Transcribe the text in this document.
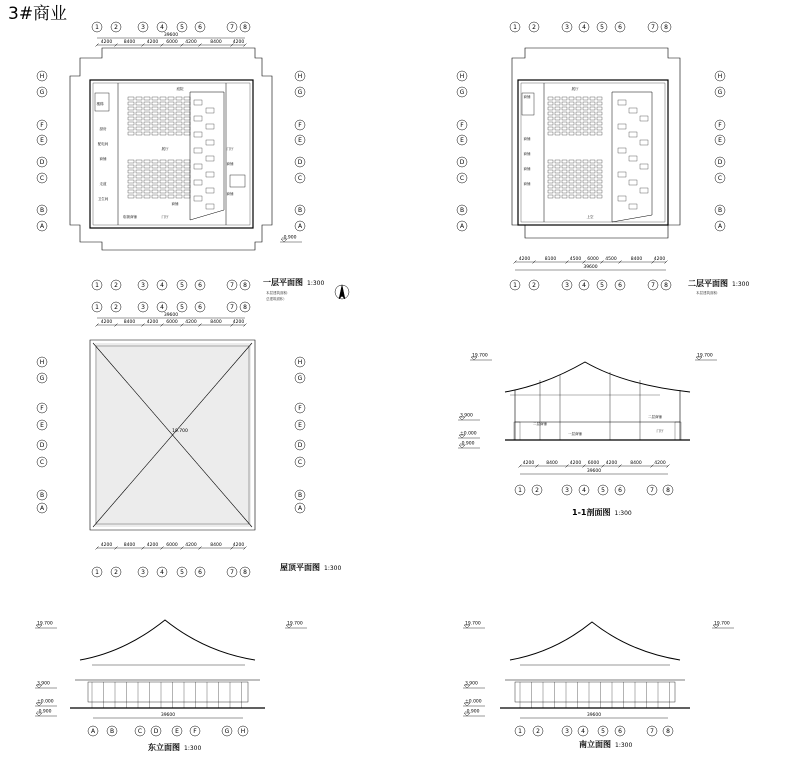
3#商业
一层平面图 1:300
本层建筑面积：
总建筑面积：
二层平面图 1:300
本层建筑面积：
屋顶平面图 1:300
1-1剖面图 1:300
东立面图 1:300	南立面图 1:300
1	2	3	4	5 6	7 8
1	2	3	4	5 6	7 8
4200	8400	4200 6000 4200	8400 4200
39600
H
G
F
E
D
C
B
A
H
G
F
E
D
C
B
A
-0.900
庭院
展厅
门厅
门厅
楼梯
厨房
配电间
商铺
走道
卫生间
商铺
商铺
商铺
临街商铺
1	2	3 4 5 6	7 8
1	2	3 4 5 6	7 8
4200	8100	4500 6000 4500	8400	4200
39600
H
G
F
E
D
C
B
A
H
G
F
E
D
C
B
A
展厅
商铺
商铺
商铺
商铺
商铺
上空
1	2	3	4	5 6	7 8
1	2	3	4	5 6	7 8
4200	8400	4200 6000 4200	8400 4200
39600
4200	8400	4200 6000 4200	8400 4200
H
G
F
E
D
C
B
A
H
G
F
E
D
C
B
A
19.700
1 2	3 4	5 6	7 8
4200	8400	4200 6000 4200	8400	4200
39600
19.700	19.700
3.900
±0.000
-0.900
二层商铺
一层商铺
二层商铺
门厅
A B	C D	E F	G H
39600
19.700	19.700
3.900
±0.000
-0.900
1 2	3 4	5 6	7 8
39600
19.700	19.700
3.900
±0.000
-0.900
